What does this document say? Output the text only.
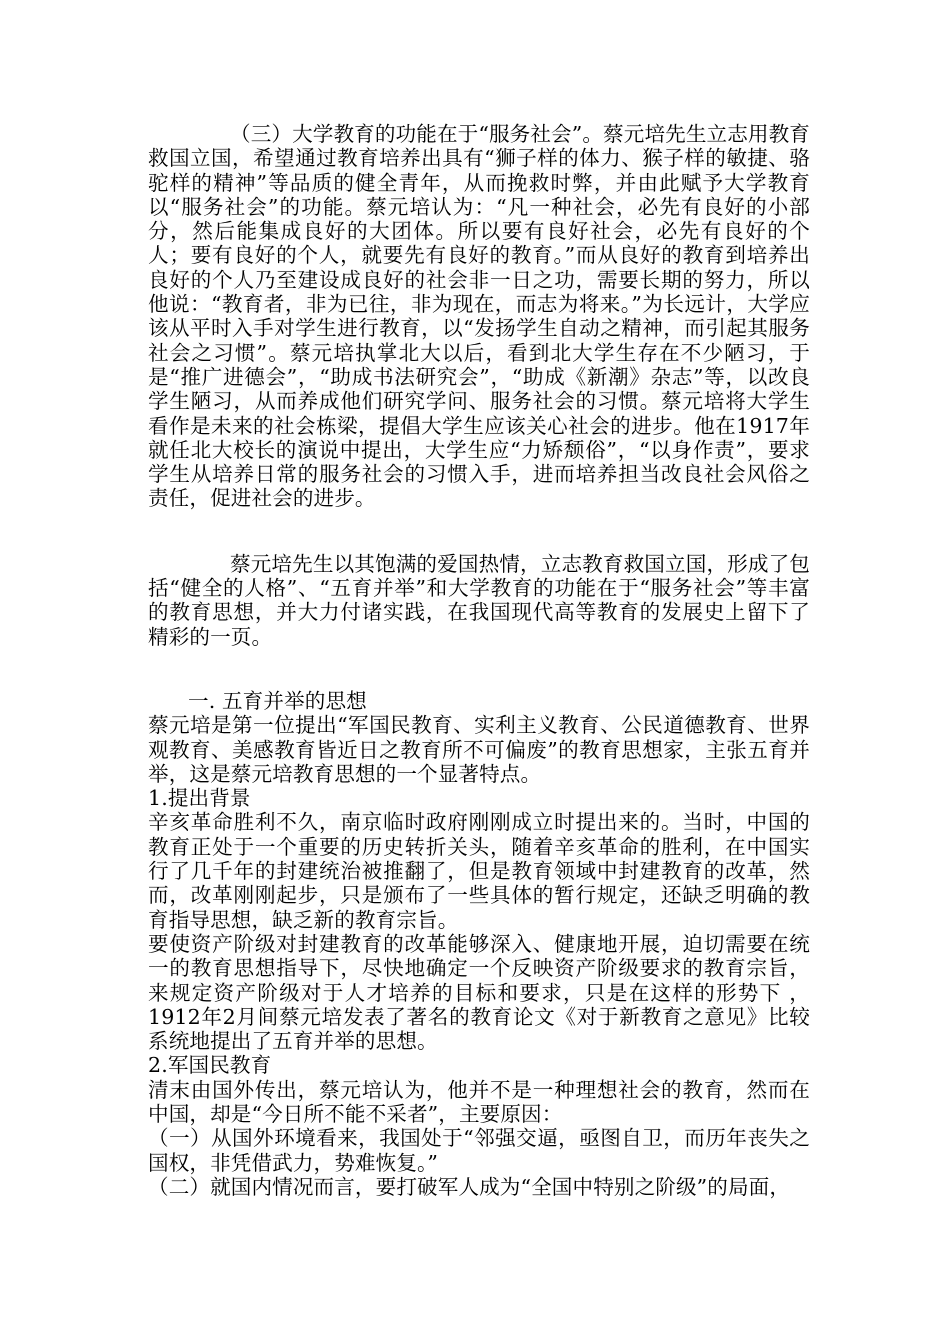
（三）大学教育的功能在于“服务社会”。蔡元培先生立志用教育救国立国，希望通过教育培养出具有“狮子样的体力、猴子样的敏捷、骆驼样的精神”等品质的健全青年，从而挽救时弊，并由此赋予大学教育以“服务社会”的功能。蔡元培认为：“凡一种社会，必先有良好的小部分，然后能集成良好的大团体。所以要有良好社会，必先有良好的个人；要有良好的个人，就要先有良好的教育。”而从良好的教育到培养出良好的个人乃至建设成良好的社会非一日之功，需要长期的努力，所以他说：“教育者，非为已往，非为现在，而志为将来。”为长远计，大学应该从平时入手对学生进行教育，以“发扬学生自动之精神，而引起其服务社会之习惯”。蔡元培执掌北大以后，看到北大学生存在不少陋习，于是“推广进德会”，“助成书法研究会”，“助成《新潮》杂志”等，以改良学生陋习，从而养成他们研究学问、服务社会的习惯。蔡元培将大学生看作是未来的社会栋梁，提倡大学生应该关心社会的进步。他在1917年就任北大校长的演说中提出，大学生应“力矫颓俗”，“以身作责”，要求学生从培养日常的服务社会的习惯入手，进而培养担当改良社会风俗之责任，促进社会的进步。

蔡元培先生以其饱满的爱国热情，立志教育救国立国，形成了包括“健全的人格”、“五育并举”和大学教育的功能在于“服务社会”等丰富的教育思想，并大力付诸实践，在我国现代高等教育的发展史上留下了精彩的一页。

一. 五育并举的思想

蔡元培是第一位提出“军国民教育、实利主义教育、公民道德教育、世界观教育、美感教育皆近日之教育所不可偏废”的教育思想家，主张五育并举，这是蔡元培教育思想的一个显著特点。

1.提出背景

辛亥革命胜利不久，南京临时政府刚刚成立时提出来的。当时，中国的教育正处于一个重要的历史转折关头，随着辛亥革命的胜利，在中国实行了几千年的封建统治被推翻了，但是教育领域中封建教育的改革，然而，改革刚刚起步，只是颁布了一些具体的暂行规定，还缺乏明确的教育指导思想，缺乏新的教育宗旨。

要使资产阶级对封建教育的改革能够深入、健康地开展，迫切需要在统一的教育思想指导下，尽快地确定一个反映资产阶级要求的教育宗旨，来规定资产阶级对于人才培养的目标和要求，只是在这样的形势下 ，1912年2月间蔡元培发表了著名的教育论文《对于新教育之意见》比较系统地提出了五育并举的思想。

2.军国民教育

清末由国外传出，蔡元培认为，他并不是一种理想社会的教育，然而在中国，却是“今日所不能不采者”，主要原因：

（一）从国外环境看来，我国处于“邻强交逼，亟图自卫，而历年丧失之国权，非凭借武力，势难恢复。”

（二）就国内情况而言，要打破军人成为“全国中特别之阶级”的局面，
